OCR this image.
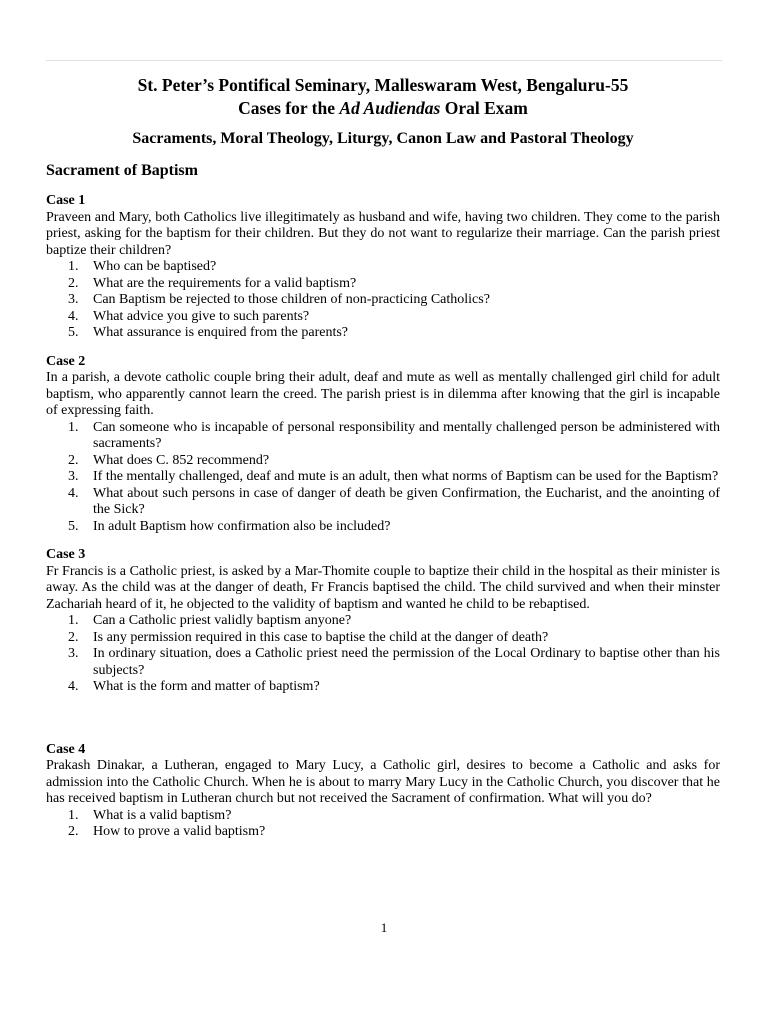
St. Peter’s Pontifical Seminary, Malleswaram West, Bengaluru-55

Cases for the Ad Audiendas Oral Exam

Sacraments, Moral Theology, Liturgy, Canon Law and Pastoral Theology

Sacrament of Baptism

Case 1

Praveen and Mary, both Catholics live illegitimately as husband and wife, having two children. They come to the parish priest, asking for the baptism for their children. But they do not want to regularize their marriage. Can the parish priest baptize their children?

1. Who can be baptised?
2. What are the requirements for a valid baptism?
3. Can Baptism be rejected to those children of non-practicing Catholics?
4. What advice you give to such parents?
5. What assurance is enquired from the parents?

Case 2

In a parish, a devote catholic couple bring their adult, deaf and mute as well as mentally challenged girl child for adult baptism, who apparently cannot learn the creed. The parish priest is in dilemma after knowing that the girl is incapable of expressing faith.

1. Can someone who is incapable of personal responsibility and mentally challenged person be administered with sacraments?
2. What does C. 852 recommend?
3. If the mentally challenged, deaf and mute is an adult, then what norms of Baptism can be used for the Baptism?
4. What about such persons in case of danger of death be given Confirmation, the Eucharist, and the anointing of the Sick?
5. In adult Baptism how confirmation also be included?

Case 3

Fr Francis is a Catholic priest, is asked by a Mar-Thomite couple to baptize their child in the hospital as their minister is away. As the child was at the danger of death, Fr Francis baptised the child. The child survived and when their minster Zachariah heard of it, he objected to the validity of baptism and wanted he child to be rebaptised.

1. Can a Catholic priest validly baptism anyone?
2. Is any permission required in this case to baptise the child at the danger of death?
3. In ordinary situation, does a Catholic priest need the permission of the Local Ordinary to baptise other than his subjects?
4. What is the form and matter of baptism?

Case 4

Prakash Dinakar, a Lutheran, engaged to Mary Lucy, a Catholic girl, desires to become a Catholic and asks for admission into the Catholic Church. When he is about to marry Mary Lucy in the Catholic Church, you discover that he has received baptism in Lutheran church but not received the Sacrament of confirmation. What will you do?

1. What is a valid baptism?
2. How to prove a valid baptism?
1
